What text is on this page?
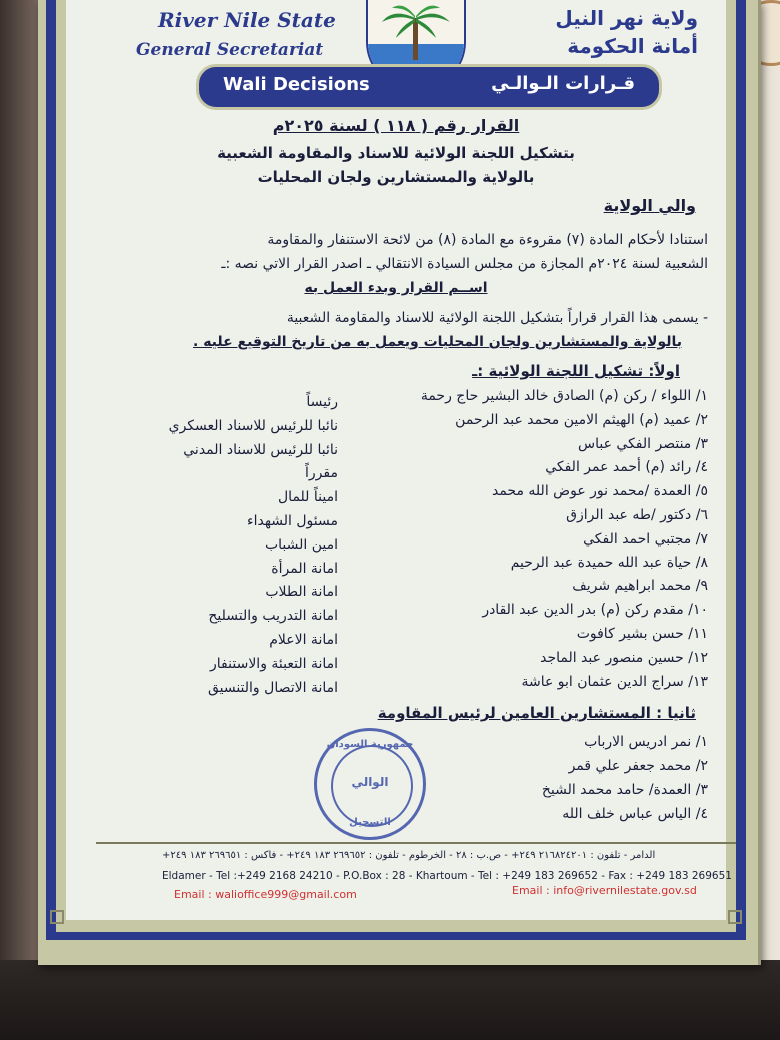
River Nile State
General Secretariat
ولاية نهر النيل
أمانة الحكومة
Wali Decisions	قـرارات الـوالـي
القرار رقم ( ١١٨ ) لسنة ٢٠٢٥م
بتشكيل اللجنة الولائية للاسناد والمقاومة الشعبية
بالولاية والمستشارين ولجان المحليات
والي الولاية
استنادا لأحكام المادة (٧) مقروءة مع المادة (٨) من لائحة الاستنفار والمقاومة
الشعبية لسنة ٢٠٢٤م المجازة من مجلس السيادة الانتقالي ـ اصدر القرار الاتي نصه :ـ
اســم القرار وبدء العمل به
- يسمى هذا القرار قراراً بتشكيل اللجنة الولائية للاسناد والمقاومة الشعبية
بالولاية والمستشارين ولجان المحليات ويعمل به من تاريخ التوقيع عليه .
اولاً: تشكيل اللجنة الولائية :ـ
١/ اللواء / ركن (م) الصادق خالد البشير حاج رحمة
رئيساً
٢/ عميد (م) الهيثم الامين محمد عبد الرحمن
نائبا للرئيس للاسناد العسكري
٣/ منتصر الفكي عباس
نائبا للرئيس للاسناد المدني
٤/ رائد (م) أحمد عمر الفكي
مقرراً
٥/ العمدة /محمد نور عوض الله محمد
اميناً للمال
٦/ دكتور /طه عبد الرازق
مسئول الشهداء
٧/ مجتبي احمد الفكي
امين الشباب
٨/ حياة عبد الله حميدة عبد الرحيم
امانة المرأة
٩/ محمد ابراهيم شريف
امانة الطلاب
١٠/ مقدم ركن (م) بدر الدين عبد القادر
امانة التدريب والتسليح
١١/ حسن بشير كافوت
امانة الاعلام
١٢/ حسين منصور عبد الماجد
امانة التعبئة والاستنفار
١٣/ سراج الدين عثمان ابو عاشة
امانة الاتصال والتنسيق
ثانيا : المستشارين العامين لرئيس المقاومة
١/ نمر ادريس الارباب
٢/ محمد جعفر علي قمر
٣/ العمدة/ حامد محمد الشيخ
٤/ الياس عباس خلف الله
جمهورية السودان
الوالي
التسجيل
الدامر - تلفون : ٢١٦٨٢٤٢٠١ ٢٤٩+ - ص.ب : ٢٨ - الخرطوم - تلفون : ٢٦٩٦٥٢ ١٨٣ ٢٤٩+ - فاكس : ٢٦٩٦٥١ ١٨٣ ٢٤٩+
Eldamer - Tel :+249 2168 24210 - P.O.Box : 28 - Khartoum - Tel : +249 183 269652 - Fax : +249 183 269651
Email : walioffice999@gmail.com	Email : info@rivernilestate.gov.sd
